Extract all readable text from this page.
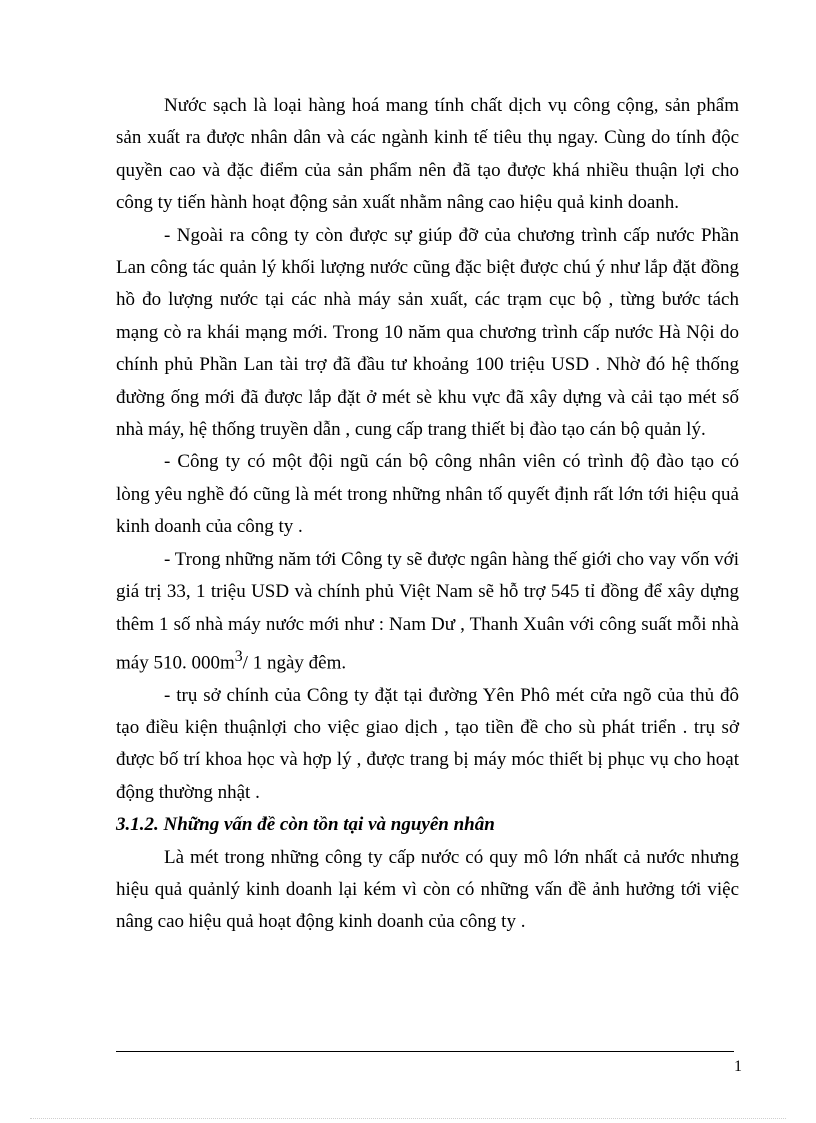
Nước sạch là loại hàng hoá mang tính chất dịch vụ công cộng, sản phẩm sản xuất ra được nhân dân và các ngành kinh tế tiêu thụ ngay. Cùng do tính độc quyền cao và đặc điểm của sản phẩm nên đã tạo được khá nhiều thuận lợi cho công ty tiến hành hoạt động sản xuất nhằm nâng cao hiệu quả kinh doanh.

- Ngoài ra công ty còn được sự giúp đỡ của chương trình cấp nước Phần Lan công tác quản lý khối lượng nước cũng đặc biệt được chú ý như lắp đặt đồng hồ đo lượng nước tại các nhà máy sản xuất, các trạm cục bộ , từng bước tách mạng cò ra khái mạng mới. Trong 10 năm qua chương trình cấp nước Hà Nội do chính phủ Phần Lan tài trợ đã đầu tư khoảng 100 triệu USD . Nhờ đó hệ thống đường ống mới đã được lắp đặt ở mét sè khu vực đã xây dựng và cải tạo mét số nhà máy, hệ thống truyền dẫn , cung cấp trang thiết bị đào tạo cán bộ quản lý.

- Công ty có một đội ngũ cán bộ công nhân viên có trình độ đào tạo có lòng yêu nghề đó cũng là mét trong những nhân tố quyết định rất lớn tới hiệu quả kinh doanh của công ty .

- Trong những năm tới Công ty sẽ được ngân hàng thế giới cho vay vốn với giá trị 33, 1 triệu USD và chính phủ Việt Nam sẽ hỗ trợ 545 tỉ đồng để xây dựng thêm 1 số nhà máy nước mới như : Nam Dư , Thanh Xuân với công suất mỗi nhà máy 510. $000m^3/$ 1 ngày đêm.

- trụ sở chính của Công ty đặt tại đường Yên Phô mét cửa ngõ của thủ đô tạo điều kiện thuậnlợi cho việc giao dịch , tạo tiền đề cho sù phát triển . trụ sở được bố trí khoa học và hợp lý , được trang bị máy móc thiết bị phục vụ cho hoạt động thường nhật .

3.1.2. Những vấn đề còn tồn tại và nguyên nhân

Là mét trong những công ty cấp nước có quy mô lớn nhất cả nước nhưng hiệu quả quảnlý kinh doanh lại kém vì còn có những vấn đề ảnh hưởng tới việc nâng cao hiệu quả hoạt động kinh doanh của công ty .

1
